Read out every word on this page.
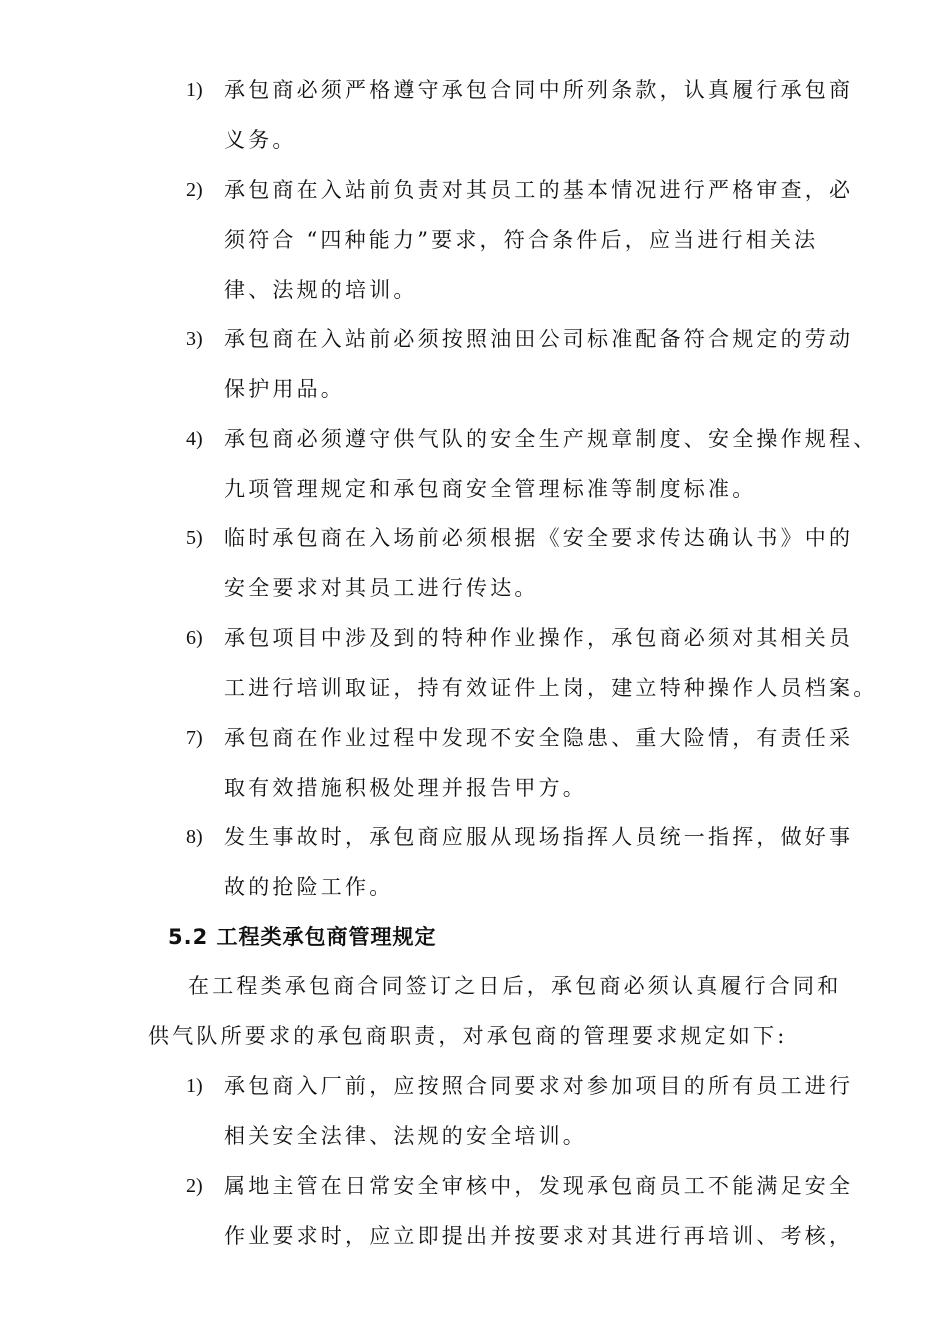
1) 承包商必须严格遵守承包合同中所列条款，认真履行承包商
义务。
2) 承包商在入站前负责对其员工的基本情况进行严格审查，必
须符合 “四种能力”要求，符合条件后，应当进行相关法
律、法规的培训。
3) 承包商在入站前必须按照油田公司标准配备符合规定的劳动
保护用品。
4) 承包商必须遵守供气队的安全生产规章制度、安全操作规程、
九项管理规定和承包商安全管理标准等制度标准。
5) 临时承包商在入场前必须根据《安全要求传达确认书》中的
安全要求对其员工进行传达。
6) 承包项目中涉及到的特种作业操作，承包商必须对其相关员
工进行培训取证，持有效证件上岗，建立特种操作人员档案。
7) 承包商在作业过程中发现不安全隐患、重大险情，有责任采
取有效措施积极处理并报告甲方。
8) 发生事故时，承包商应服从现场指挥人员统一指挥，做好事
故的抢险工作。
5.2 工程类承包商管理规定
在工程类承包商合同签订之日后，承包商必须认真履行合同和
供气队所要求的承包商职责，对承包商的管理要求规定如下:
1) 承包商入厂前，应按照合同要求对参加项目的所有员工进行
相关安全法律、法规的安全培训。
2) 属地主管在日常安全审核中，发现承包商员工不能满足安全
作业要求时，应立即提出并按要求对其进行再培训、考核，
